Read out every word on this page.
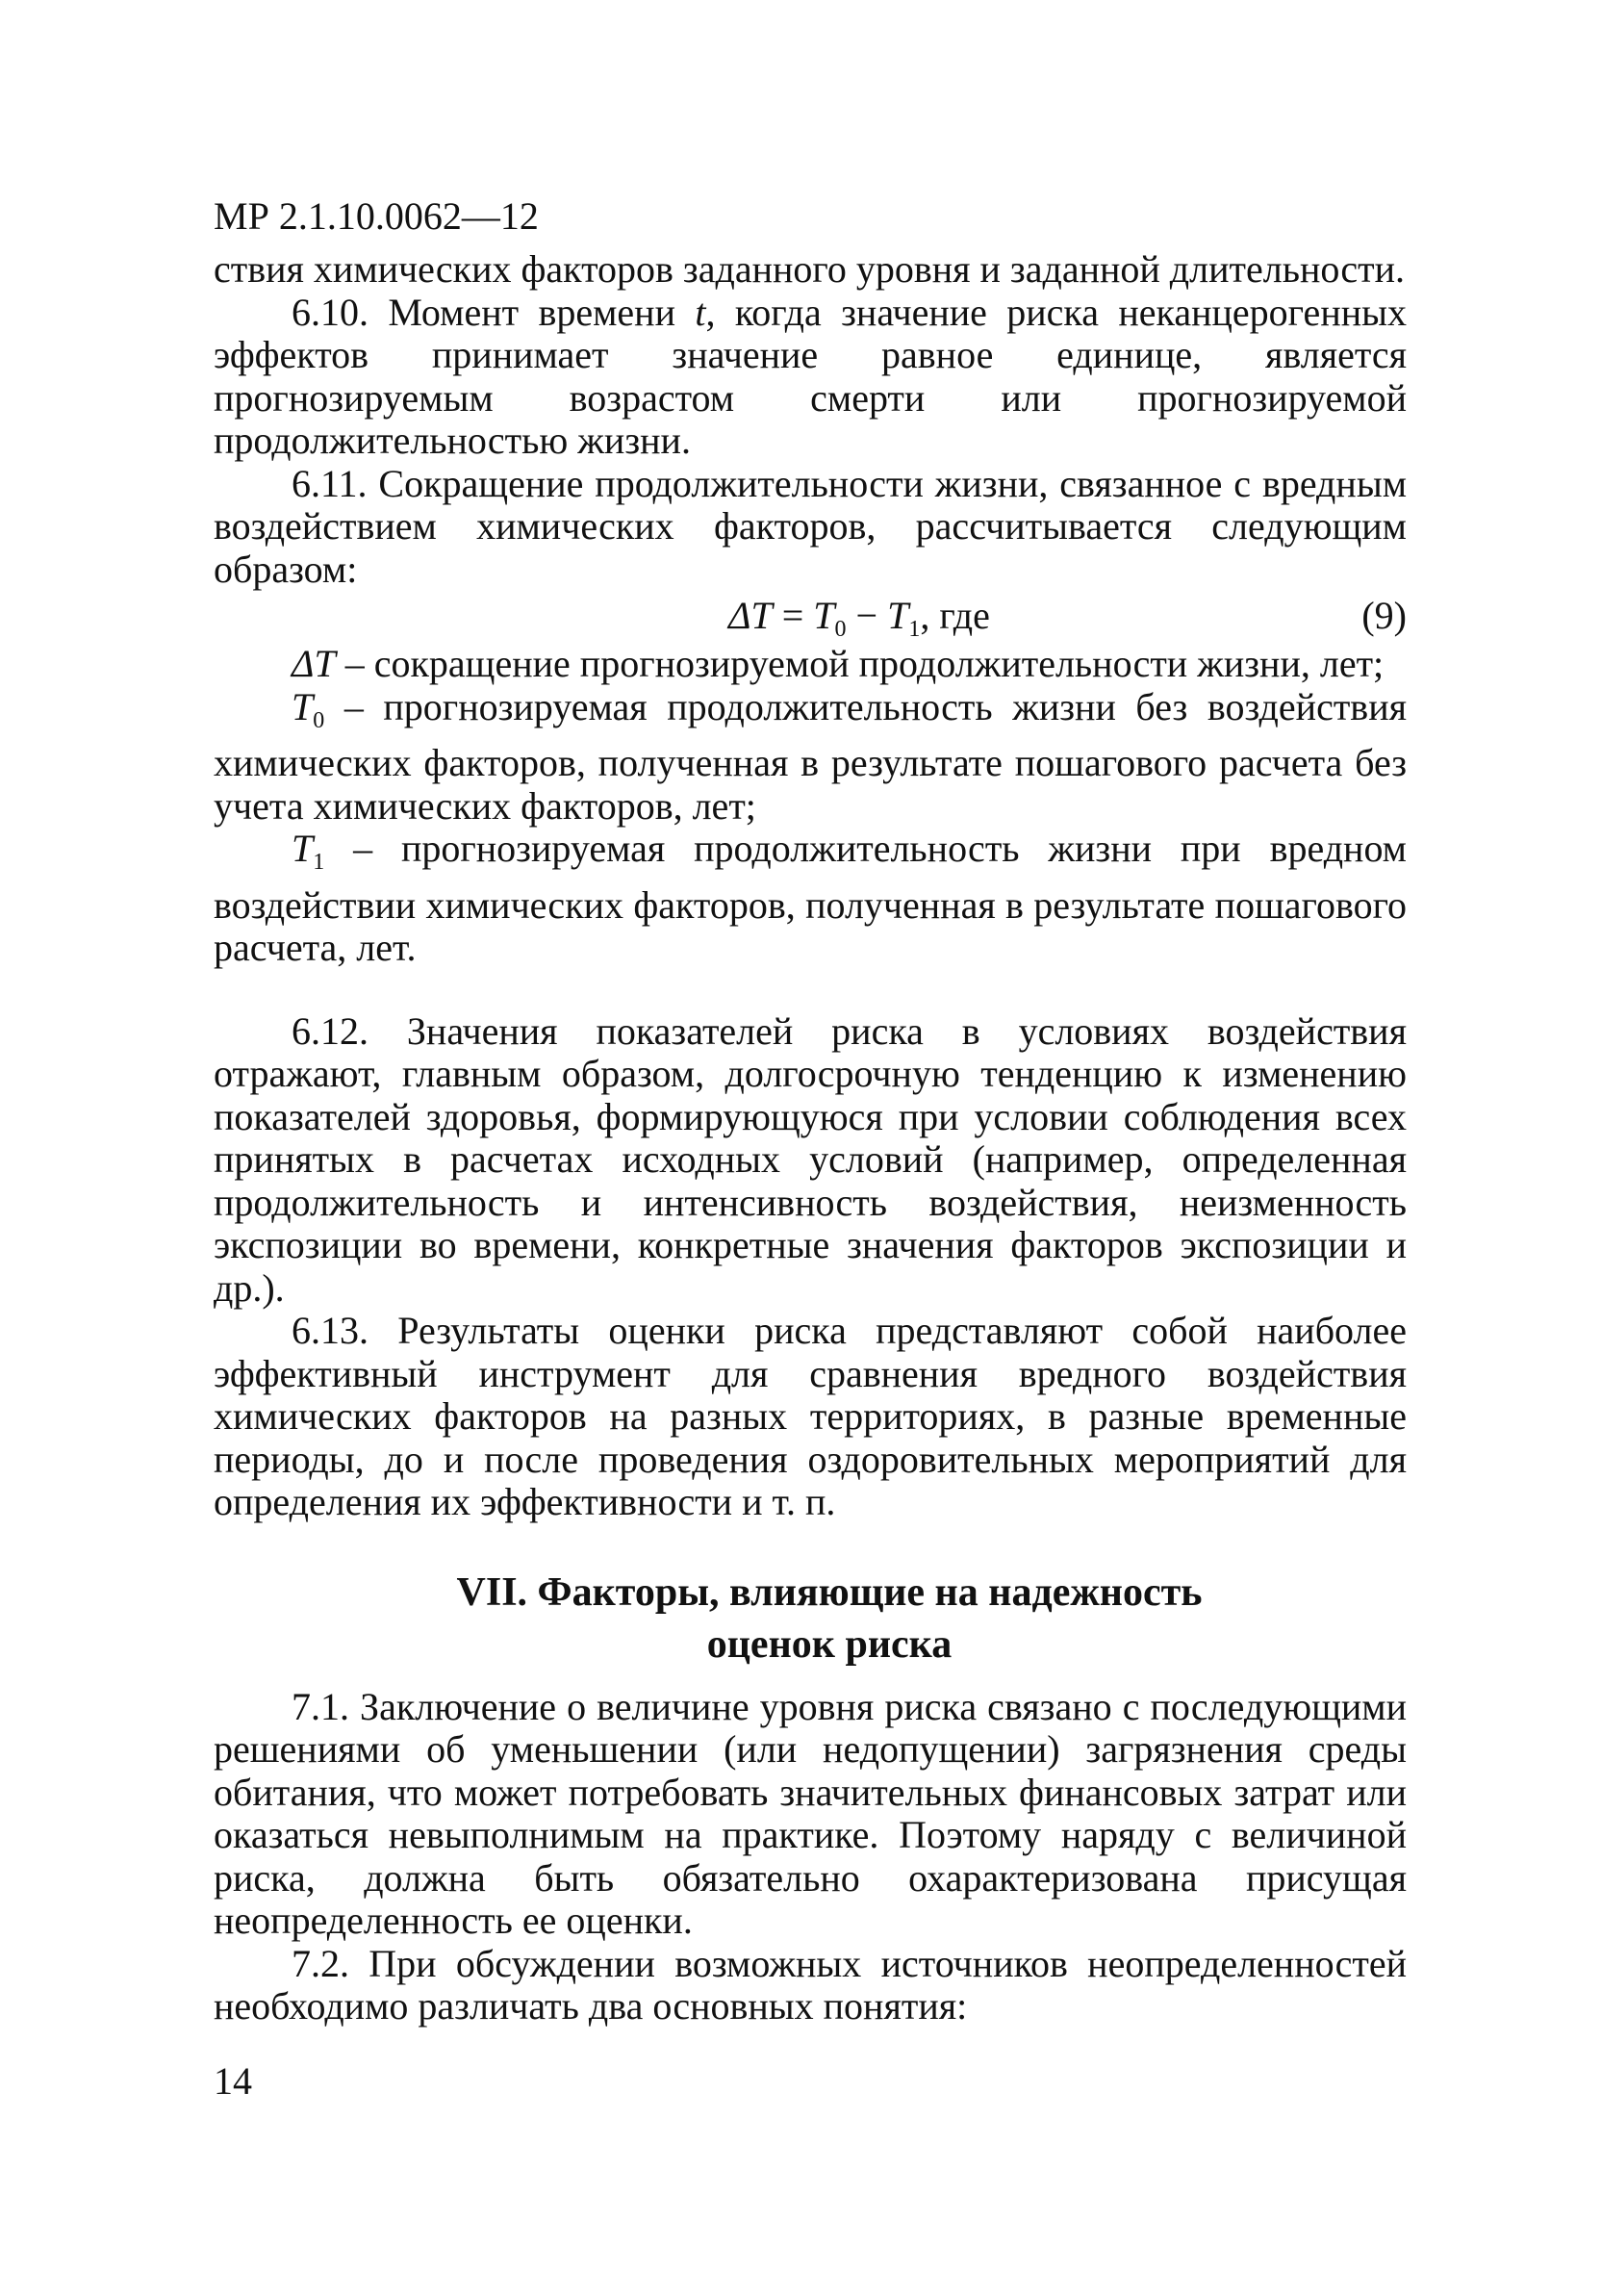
МР 2.1.10.0062—12

ствия химических факторов заданного уровня и заданной длительности.

6.10. Момент времени t, когда значение риска неканцерогенных эффектов принимает значение равное единице, является прогнозируемым возрастом смерти или прогнозируемой продолжительностью жизни.

6.11. Сокращение продолжительности жизни, связанное с вредным воздействием химических факторов, рассчитывается следующим образом:

$\Delta T = T_0 - T_1$, где	(9)

ΔT – сокращение прогнозируемой продолжительности жизни, лет;

$T_0$ – прогнозируемая продолжительность жизни без воздействия химических факторов, полученная в результате пошагового расчета без учета химических факторов, лет;

$T_1$ – прогнозируемая продолжительность жизни при вредном воздействии химических факторов, полученная в результате пошагового расчета, лет.

6.12. Значения показателей риска в условиях воздействия отражают, главным образом, долгосрочную тенденцию к изменению показателей здоровья, формирующуюся при условии соблюдения всех принятых в расчетах исходных условий (например, определенная продолжительность и интенсивность воздействия, неизменность экспозиции во времени, конкретные значения факторов экспозиции и др.).

6.13. Результаты оценки риска представляют собой наиболее эффективный инструмент для сравнения вредного воздействия химических факторов на разных территориях, в разные временные периоды, до и после проведения оздоровительных мероприятий для определения их эффективности и т. п.

VII. Факторы, влияющие на надежность
оценок риска

7.1. Заключение о величине уровня риска связано с последующими решениями об уменьшении (или недопущении) загрязнения среды обитания, что может потребовать значительных финансовых затрат или оказаться невыполнимым на практике. Поэтому наряду с величиной риска, должна быть обязательно охарактеризована присущая неопределенность ее оценки.

7.2. При обсуждении возможных источников неопределенностей необходимо различать два основных понятия:

14
